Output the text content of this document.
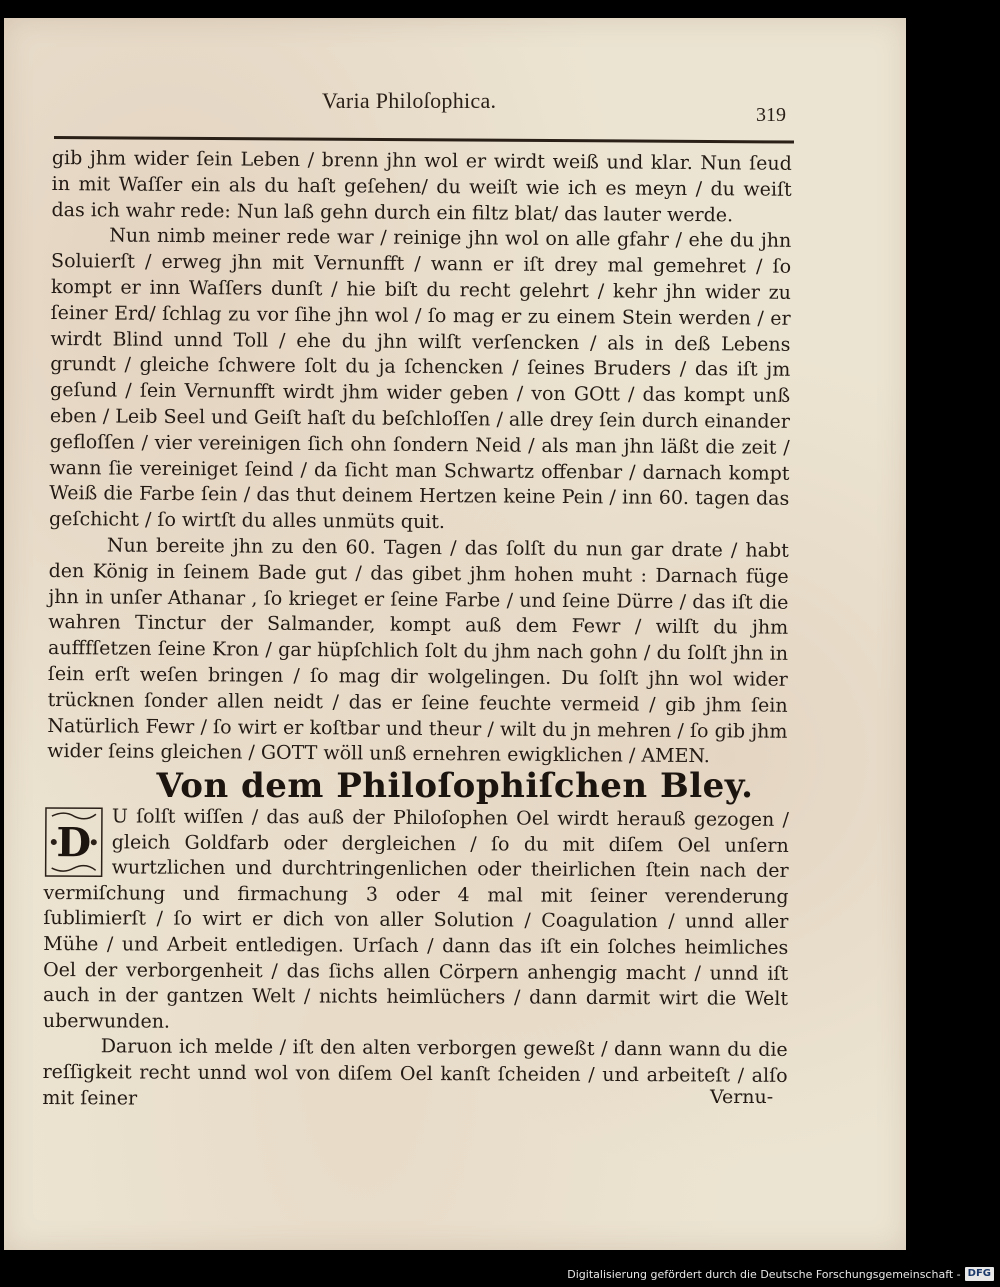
Varia Philoſophica.
319

gib jhm wider ſein Leben / brenn jhn wol er wirdt weiß und klar. Nun ſeud in mit Waſſer ein als du haſt geſehen/ du weiſt wie ich es meyn / du weiſt das ich wahr rede: Nun laß gehn durch ein filtz blat/ das lauter werde.

Nun nimb meiner rede war / reinige jhn wol on alle gfahr / ehe du jhn Soluierſt / erweg jhn mit Vernunfft / wann er iſt drey mal gemehret / ſo kompt er inn Waſſers dunſt / hie biſt du recht gelehrt / kehr jhn wider zu ſeiner Erd/ ſchlag zu vor ſihe jhn wol / ſo mag er zu einem Stein werden / er wirdt Blind unnd Toll / ehe du jhn wilſt verſencken / als in deß Lebens grundt / gleiche ſchwere ſolt du ja ſchencken / ſeines Bruders / das iſt jm geſund / ſein Vernunfft wirdt jhm wider geben / von GOtt / das kompt unß eben / Leib Seel und Geiſt haſt du beſchloſſen / alle drey ſein durch einander gefloſſen / vier vereinigen ſich ohn ſondern Neid / als man jhn läßt die zeit / wann ſie vereiniget ſeind / da ſicht man Schwartz offenbar / darnach kompt Weiß die Farbe ſein / das thut deinem Hertzen keine Pein / inn 60. tagen das geſchicht / ſo wirtſt du alles unmüts quit.

Nun bereite jhn zu den 60. Tagen / das ſolſt du nun gar drate / habt den König in ſeinem Bade gut / das gibet jhm hohen muht : Darnach füge jhn in unſer Athanar , ſo krieget er ſeine Farbe / und ſeine Dürre / das iſt die wahren Tinctur der Salmander, kompt auß dem Fewr / wilſt du jhm aufffſetzen ſeine Kron / gar hüpſchlich ſolt du jhm nach gohn / du ſolſt jhn in ſein erſt weſen bringen / ſo mag dir wolgelingen. Du ſolſt jhn wol wider trücknen ſonder allen neidt / das er ſeine feuchte vermeid / gib jhm ſein Natürlich Fewr / ſo wirt er koſtbar und theur / wilt du jn mehren / ſo gib jhm wider ſeins gleichen / GOTT wöll unß ernehren ewigklichen / AMEN.

Von dem Philoſophiſchen Bley.

D
U ſolſt wiſſen / das auß der Philoſophen Oel wirdt herauß gezogen / gleich Goldfarb oder dergleichen / ſo du mit diſem Oel unſern wurtzlichen und durchtringenlichen oder theirlichen ſtein nach der vermiſchung und firmachung 3 oder 4 mal mit ſeiner verenderung ſublimierſt / ſo wirt er dich von aller Solution / Coagulation / unnd aller Mühe / und Arbeit entledigen. Urſach / dann das iſt ein ſolches heimliches Oel der verborgenheit / das ſichs allen Cörpern anhengig macht / unnd iſt auch in der gantzen Welt / nichts heimlüchers / dann darmit wirt die Welt uberwunden.

Daruon ich melde / iſt den alten verborgen geweßt / dann wann du die reſſigkeit recht unnd wol von diſem Oel kanſt ſcheiden / und arbeiteſt / alſo mit ſeiner	Vernu-
Digitalisierung gefördert durch die Deutsche Forschungsgemeinschaft - DFG
